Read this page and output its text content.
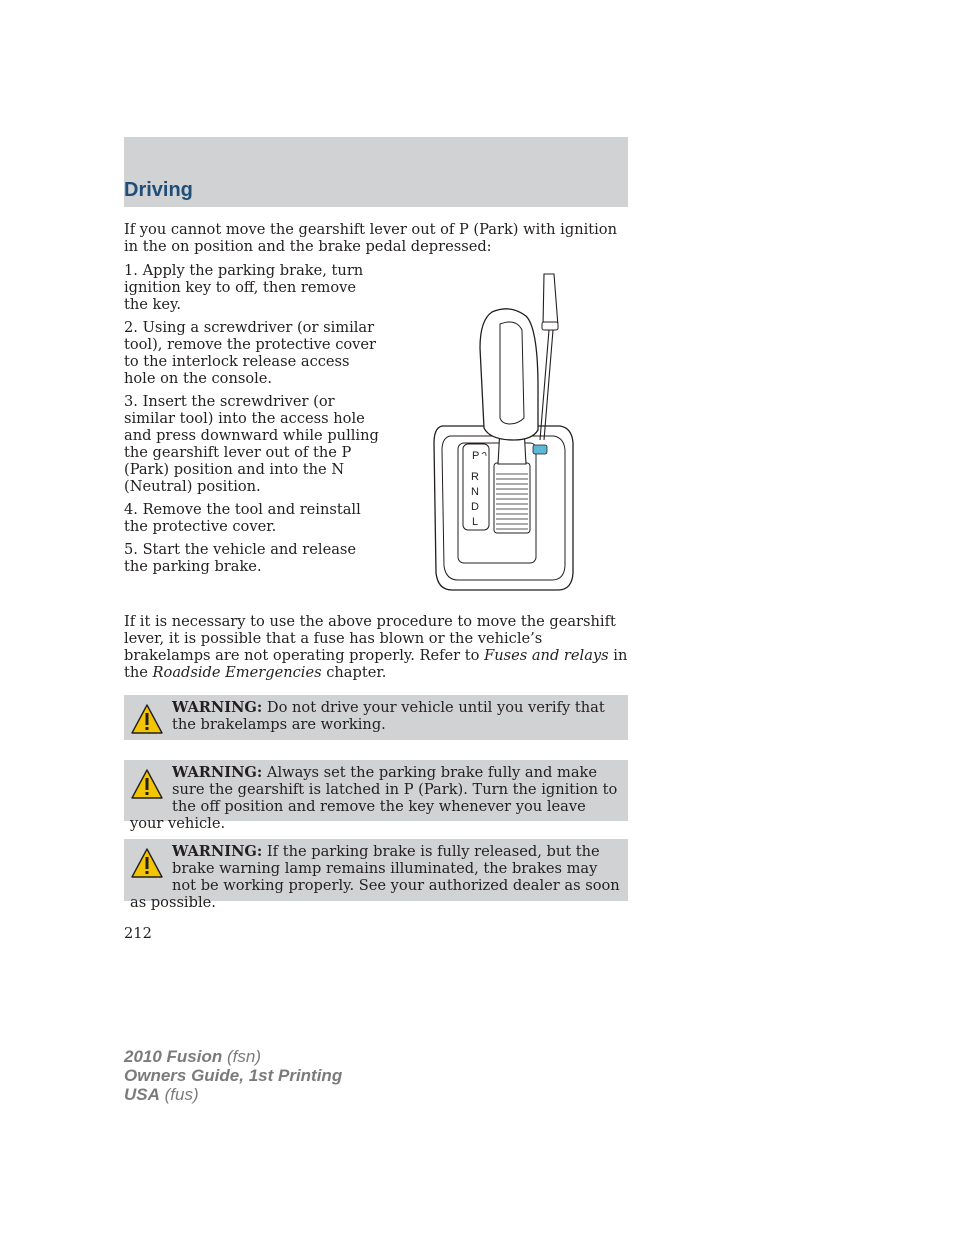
Driving
If you cannot move the gearshift lever out of P (Park) with ignition in the on position and the brake pedal depressed:

1. Apply the parking brake, turn ignition key to off, then remove the key.

2. Using a screwdriver (or similar tool), remove the protective cover to the interlock release access hole on the console.

3. Insert the screwdriver (or similar tool) into the access hole and press downward while pulling the gearshift lever out of the P (Park) position and into the N (Neutral) position.

4. Remove the tool and reinstall the protective cover.

5. Start the vehicle and release the parking brake.

P
R
N
D
L
If it is necessary to use the above procedure to move the gearshift lever, it is possible that a fuse has blown or the vehicle’s brakelamps are not operating properly. Refer to Fuses and relays in the Roadside Emergencies chapter.
WARNING: Do not drive your vehicle until you verify that the brakelamps are working.
WARNING: Always set the parking brake fully and make sure the gearshift is latched in P (Park). Turn the ignition to the off position and remove the key whenever you leave your vehicle.
WARNING: If the parking brake is fully released, but the brake warning lamp remains illuminated, the brakes may not be working properly. See your authorized dealer as soon as possible.
212
2010 Fusion (fsn)
Owners Guide, 1st Printing
USA (fus)
